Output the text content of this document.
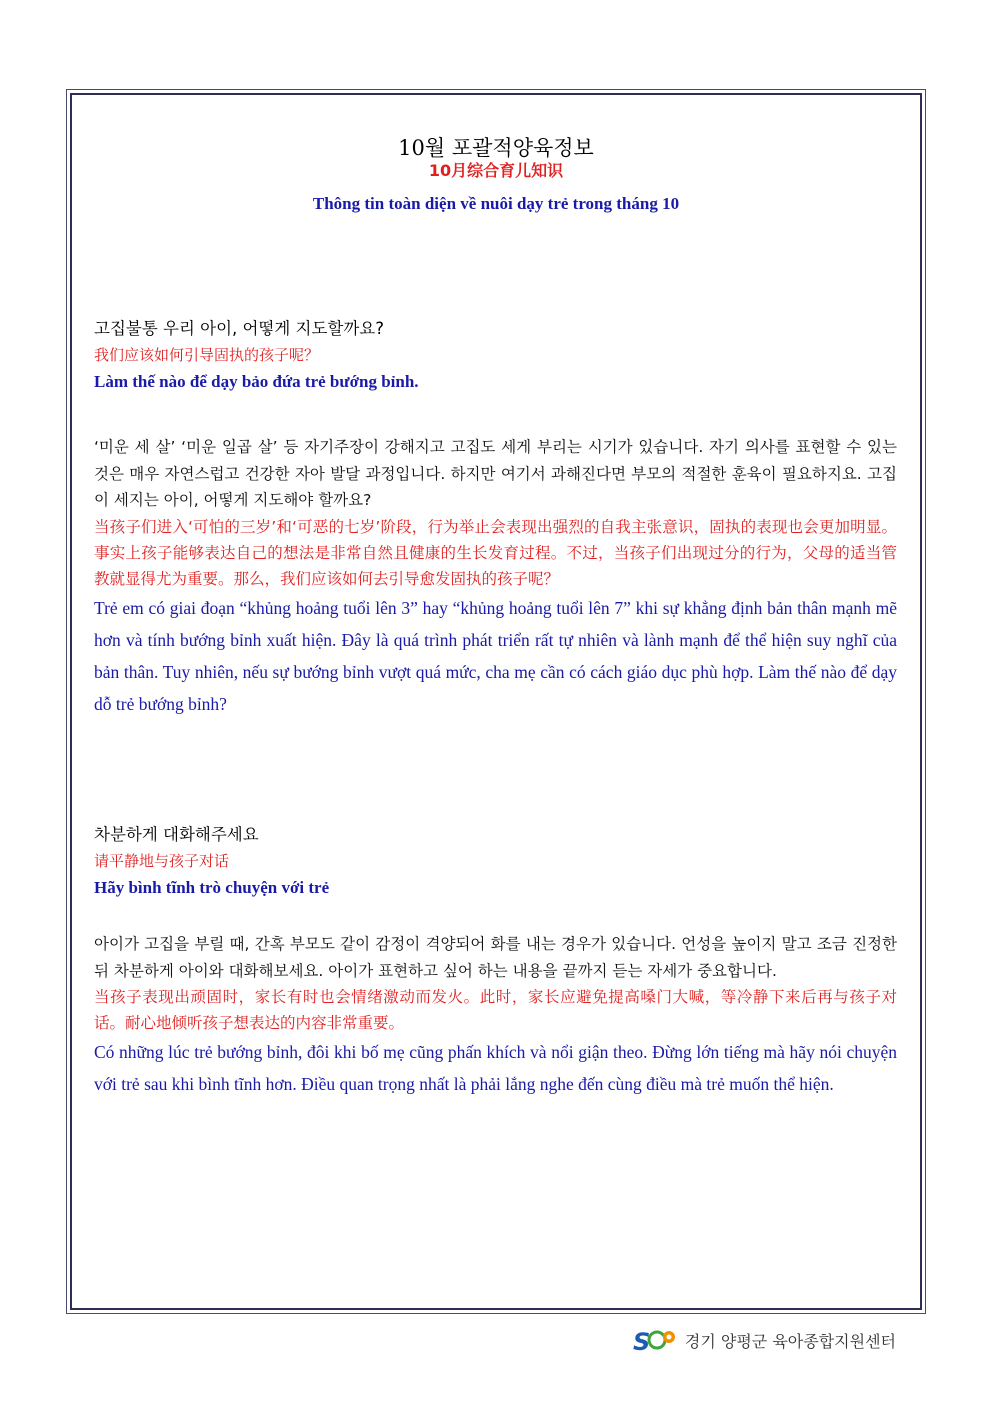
10월 포괄적양육정보
10月综合育儿知识
Thông tin toàn diện về nuôi dạy trẻ trong tháng 10
고집불통 우리 아이, 어떻게 지도할까요?
我们应该如何引导固执的孩子呢？
Làm thế nào để dạy bảo đứa trẻ bướng bỉnh.
‘미운 세 살’ ‘미운 일곱 살’ 등 자기주장이 강해지고 고집도 세게 부리는 시기가 있습니다. 자기 의사를 표현할 수 있는 것은 매우 자연스럽고 건강한 자아 발달 과정입니다. 하지만 여기서 과해진다면 부모의 적절한 훈육이 필요하지요. 고집이 세지는 아이, 어떻게 지도해야 할까요?
当孩子们进入‘可怕的三岁’和‘可恶的七岁’阶段，行为举止会表现出强烈的自我主张意识，固执的表现也会更加明显。事实上孩子能够表达自己的想法是非常自然且健康的生长发育过程。不过，当孩子们出现过分的行为，父母的适当管教就显得尤为重要。那么，我们应该如何去引导愈发固执的孩子呢？
Trẻ em có giai đoạn “khủng hoảng tuổi lên 3” hay “khủng hoảng tuổi lên 7” khi sự khẳng định bản thân mạnh mẽ hơn và tính bướng bỉnh xuất hiện. Đây là quá trình phát triển rất tự nhiên và lành mạnh để thể hiện suy nghĩ của bản thân. Tuy nhiên, nếu sự bướng bỉnh vượt quá mức, cha mẹ cần có cách giáo dục phù hợp. Làm thế nào để dạy dỗ trẻ bướng bỉnh?
차분하게 대화해주세요
请平静地与孩子对话
Hãy bình tĩnh trò chuyện với trẻ
아이가 고집을 부릴 때, 간혹 부모도 같이 감정이 격양되어 화를 내는 경우가 있습니다. 언성을 높이지 말고 조금 진정한 뒤 차분하게 아이와 대화해보세요. 아이가 표현하고 싶어 하는 내용을 끝까지 듣는 자세가 중요합니다.
当孩子表现出顽固时，家长有时也会情绪激动而发火。此时，家长应避免提高嗓门大喊，等冷静下来后再与孩子对话。耐心地倾听孩子想表达的内容非常重要。
Có những lúc trẻ bướng bỉnh, đôi khi bố mẹ cũng phấn khích và nổi giận theo. Đừng lớn tiếng mà hãy nói chuyện với trẻ sau khi bình tĩnh hơn. Điều quan trọng nhất là phải lắng nghe đến cùng điều mà trẻ muốn thể hiện.
S 경기 양평군 육아종합지원센터
